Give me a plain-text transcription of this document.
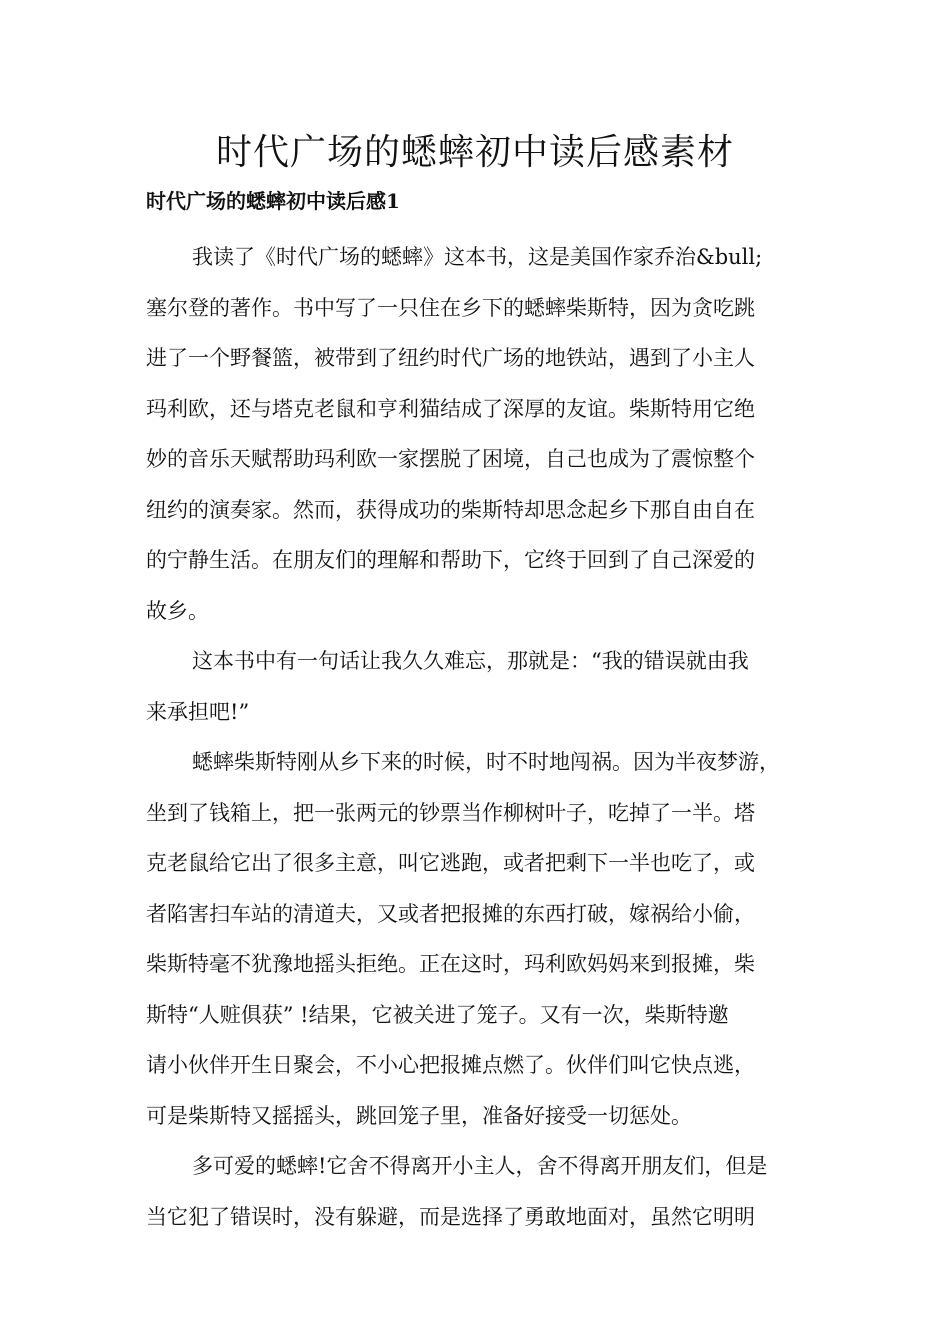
时代广场的蟋蟀初中读后感素材
时代广场的蟋蟀初中读后感1

我读了《时代广场的蟋蟀》这本书，这是美国作家乔治&bull;
塞尔登的著作。书中写了一只住在乡下的蟋蟀柴斯特，因为贪吃跳
进了一个野餐篮，被带到了纽约时代广场的地铁站，遇到了小主人
玛利欧，还与塔克老鼠和亨利猫结成了深厚的友谊。柴斯特用它绝
妙的音乐天赋帮助玛利欧一家摆脱了困境，自己也成为了震惊整个
纽约的演奏家。然而，获得成功的柴斯特却思念起乡下那自由自在
的宁静生活。在朋友们的理解和帮助下，它终于回到了自己深爱的
故乡。

这本书中有一句话让我久久难忘，那就是：“我的错误就由我
来承担吧!”

蟋蟀柴斯特刚从乡下来的时候，时不时地闯祸。因为半夜梦游，
坐到了钱箱上，把一张两元的钞票当作柳树叶子，吃掉了一半。塔
克老鼠给它出了很多主意，叫它逃跑，或者把剩下一半也吃了，或
者陷害扫车站的清道夫，又或者把报摊的东西打破，嫁祸给小偷，
柴斯特毫不犹豫地摇头拒绝。正在这时，玛利欧妈妈来到报摊，柴
斯特“人赃俱获” !结果，它被关进了笼子。又有一次，柴斯特邀
请小伙伴开生日聚会，不小心把报摊点燃了。伙伴们叫它快点逃，
可是柴斯特又摇摇头，跳回笼子里，准备好接受一切惩处。

多可爱的蟋蟀!它舍不得离开小主人，舍不得离开朋友们，但是
当它犯了错误时，没有躲避，而是选择了勇敢地面对，虽然它明明
